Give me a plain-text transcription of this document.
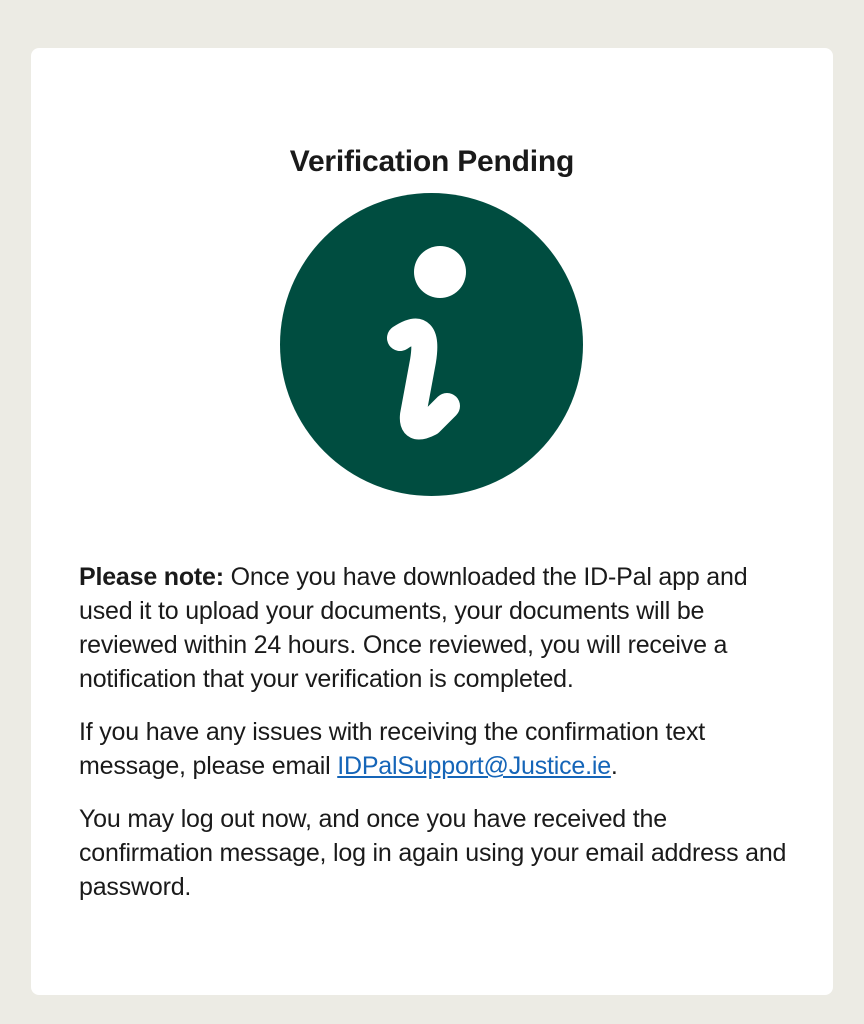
Verification Pending

Please note: Once you have downloaded the ID-Pal app and used it to upload your documents, your documents will be reviewed within 24 hours. Once reviewed, you will receive a notification that your verification is completed.

If you have any issues with receiving the confirmation text message, please email IDPalSupport@Justice.ie.

You may log out now, and once you have received the confirmation message, log in again using your email address and password.
